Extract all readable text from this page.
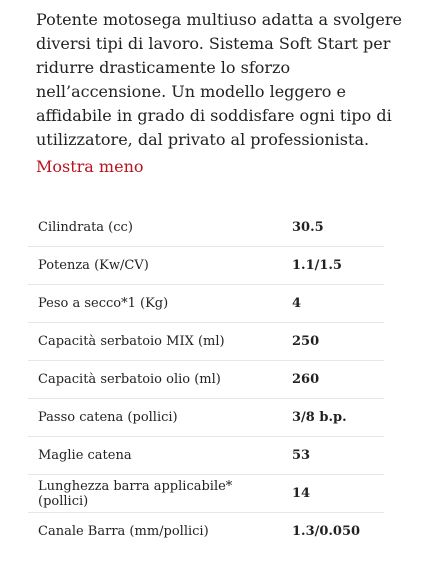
Potente motosega multiuso adatta a svolgere diversi tipi di lavoro. Sistema Soft Start per ridurre drasticamente lo sforzo nell’accensione. Un modello leggero e affidabile in grado di soddisfare ogni tipo di utilizzatore, dal privato al professionista.

Mostra meno
Cilindrata (cc)	30.5
Potenza (Kw/CV)	1.1/1.5
Peso a secco*1 (Kg)	4
Capacità serbatoio MIX (ml)	250
Capacità serbatoio olio (ml)	260
Passo catena (pollici)	3/8 b.p.
Maglie catena	53
Lunghezza barra applicabile* (pollici)	14
Canale Barra (mm/pollici)	1.3/0.050
